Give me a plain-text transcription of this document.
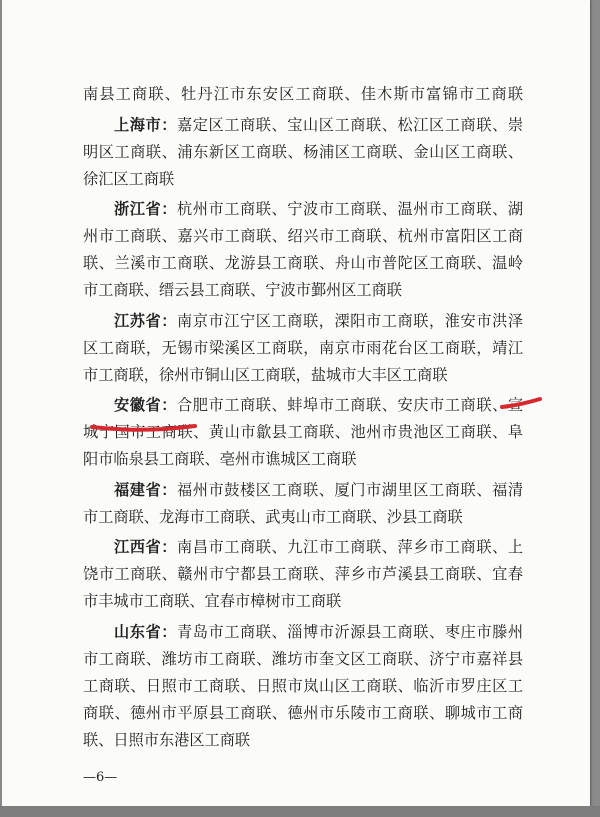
南县工商联、牡丹江市东安区工商联、佳木斯市富锦市工商联
上海市：嘉定区工商联、宝山区工商联、松江区工商联、崇
明区工商联、浦东新区工商联、杨浦区工商联、金山区工商联、
徐汇区工商联
浙江省：杭州市工商联、宁波市工商联、温州市工商联、湖
州市工商联、嘉兴市工商联、绍兴市工商联、杭州市富阳区工商
联、兰溪市工商联、龙游县工商联、舟山市普陀区工商联、温岭
市工商联、缙云县工商联、宁波市鄞州区工商联
江苏省：南京市江宁区工商联，溧阳市工商联，淮安市洪泽
区工商联，无锡市梁溪区工商联，南京市雨花台区工商联，靖江
市工商联，徐州市铜山区工商联，盐城市大丰区工商联
安徽省：合肥市工商联、蚌埠市工商联、安庆市工商联、宣
城宁国市工商联、黄山市歙县工商联、池州市贵池区工商联、阜
阳市临泉县工商联、亳州市谯城区工商联
福建省：福州市鼓楼区工商联、厦门市湖里区工商联、福清
市工商联、龙海市工商联、武夷山市工商联、沙县工商联
江西省：南昌市工商联、九江市工商联、萍乡市工商联、上
饶市工商联、赣州市宁都县工商联、萍乡市芦溪县工商联、宜春
市丰城市工商联、宜春市樟树市工商联
山东省：青岛市工商联、淄博市沂源县工商联、枣庄市滕州
市工商联、潍坊市工商联、潍坊市奎文区工商联、济宁市嘉祥县
工商联、日照市工商联、日照市岚山区工商联、临沂市罗庄区工
商联、德州市平原县工商联、德州市乐陵市工商联、聊城市工商
联、日照市东港区工商联
—6—
